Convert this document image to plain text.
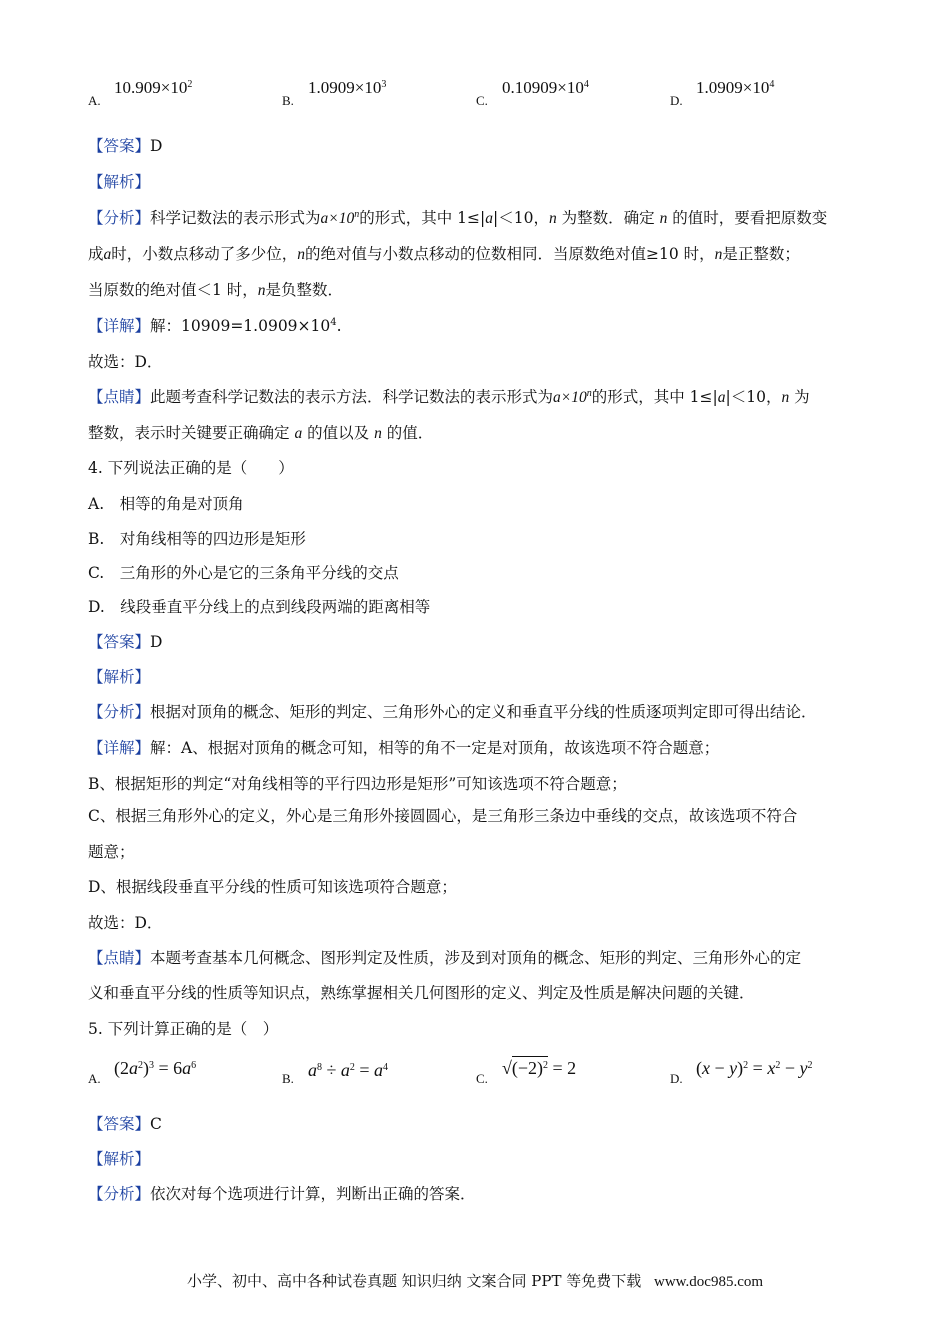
$_{A.}$
$10.909\times 10^2$
$_{B.}$
$1.0909\times 10^3$
$_{C.}$
$0.10909\times 10^4$
$_{D.}$
$1.0909\times 10^4$
【答案】D
【解析】
【分析】科学记数法的表示形式为$a\times 10^n$的形式，其中 1≤|a|＜10，n 为整数．确定 n 的值时，要看把原数变
成a时，小数点移动了多少位，n的绝对值与小数点移动的位数相同．当原数绝对值≥10 时，n是正整数；
当原数的绝对值＜1 时，n是负整数．
【详解】解：$10909=1.0909\times 10^4$.
故选：D．
【点睛】此题考查科学记数法的表示方法．科学记数法的表示形式为$a\times 10^n$的形式，其中 1≤|a|＜10，n 为
整数，表示时关键要正确确定 a 的值以及 n 的值．
4. 下列说法正确的是（　　）
A.　相等的角是对顶角
B.　对角线相等的四边形是矩形
C.　三角形的外心是它的三条角平分线的交点
D.　线段垂直平分线上的点到线段两端的距离相等
【答案】D
【解析】
【分析】根据对顶角的概念、矩形的判定、三角形外心的定义和垂直平分线的性质逐项判定即可得出结论．
【详解】解：A、根据对顶角的概念可知，相等的角不一定是对顶角，故该选项不符合题意；
B、根据矩形的判定“对角线相等的平行四边形是矩形”可知该选项不符合题意；
C、根据三角形外心的定义，外心是三角形外接圆圆心，是三角形三条边中垂线的交点，故该选项不符合
题意；
D、根据线段垂直平分线的性质可知该选项符合题意；
故选：D．
【点睛】本题考查基本几何概念、图形判定及性质，涉及到对顶角的概念、矩形的判定、三角形外心的定
义和垂直平分线的性质等知识点，熟练掌握相关几何图形的定义、判定及性质是解决问题的关键．
5. 下列计算正确的是（　）
$_{A.}$
$(2a^2)^3 = 6a^6$
$_{B.}$ $a^8 \div a^2 = a^4$
$_{C.}$
$√(-2)^2 = 2$
$_{D.}$
$(x - y)^2 = x^2 - y^2$
【答案】C
【解析】
【分析】依次对每个选项进行计算，判断出正确的答案．
小学、初中、高中各种试卷真题 知识归纳 文案合同 PPT 等免费下载 www.doc985.com
